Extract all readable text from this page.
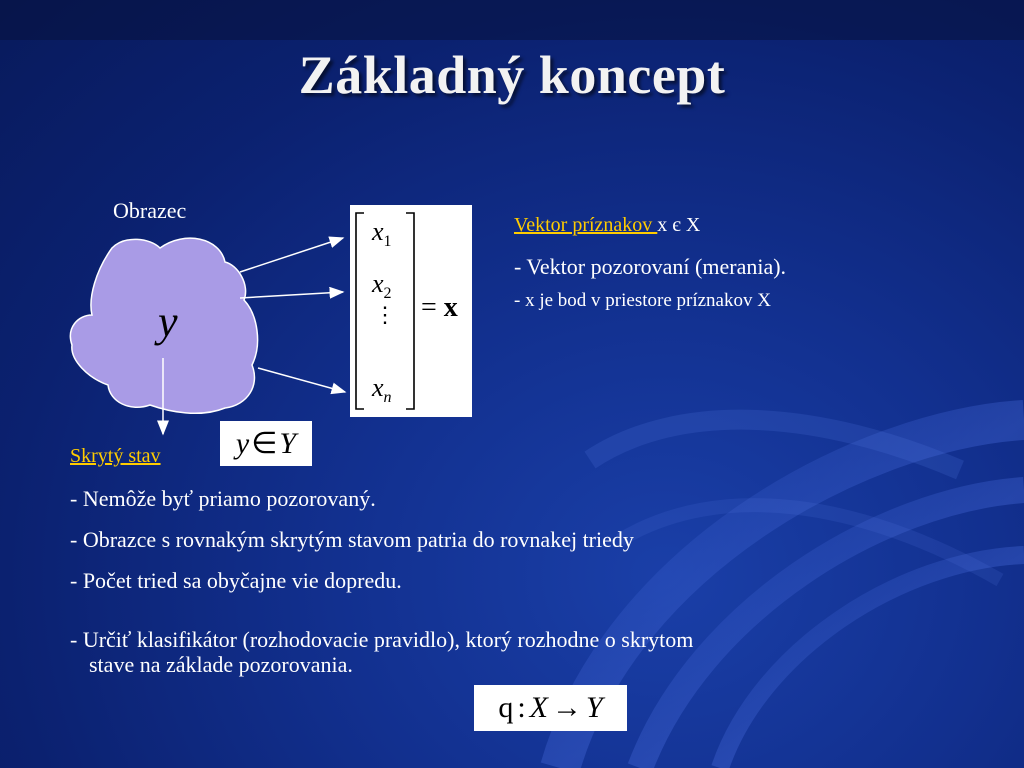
Základný koncept
Obrazec
y
$x_1$
$x_2$
⋮
$x_n$
= x
y ∈ Y
Vektor príznakov x є X
- Vektor pozorovaní (merania).
- x je bod v priestore príznakov X
Skrytý stav
- Nemôže byť priamo pozorovaný.
- Obrazce s rovnakým skrytým stavom patria do rovnakej triedy
- Počet tried sa obyčajne vie dopredu.
- Určiť klasifikátor (rozhodovacie pravidlo), ktorý rozhodne o skrytom
stave na základe pozorovania.
q : X → Y
